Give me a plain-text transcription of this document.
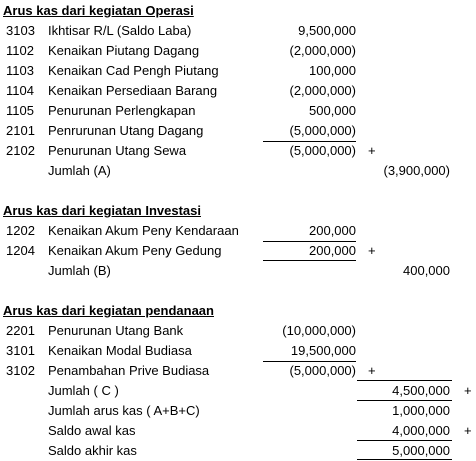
Arus kas dari kegiatan Operasi
3103 Ikhtisar R/L (Saldo Laba)	9,500,000
1102 Kenaikan Piutang Dagang	(2,000,000)
1103 Kenaikan Cad Pengh Piutang	100,000
1104 Kenaikan Persediaan Barang	(2,000,000)
1105 Penurunan Perlengkapan	500,000
2101 Penrurunan Utang Dagang	(5,000,000)
2102 Penurunan Utang Sewa	(5,000,000) +
Jumlah (A)	(3,900,000)
Arus kas dari kegiatan Investasi
1202 Kenaikan Akum Peny Kendaraan	200,000
1204 Kenaikan Akum Peny Gedung	200,000 +
Jumlah (B)	400,000
Arus kas dari kegiatan pendanaan
2201 Penurunan Utang Bank	(10,000,000)
3101 Kenaikan Modal Budiasa	19,500,000
3102 Penambahan Prive Budiasa	(5,000,000) +
Jumlah ( C )	4,500,000 +
Jumlah arus kas ( A+B+C)	1,000,000
Saldo awal kas	4,000,000 +
Saldo akhir kas	5,000,000
